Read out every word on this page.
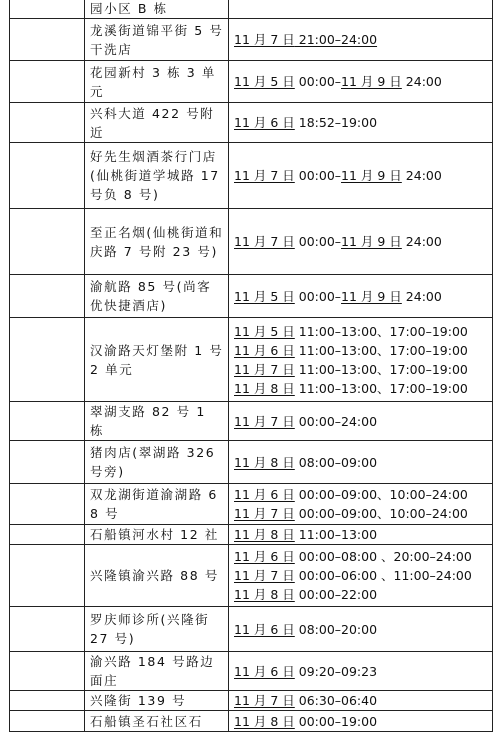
	园小区 B 栋	

	龙溪街道锦平街 5 号干洗店	11 月 7 日 21:00–24:00

	花园新村 3 栋 3 单元	11 月 5 日 00:00–11 月 9 日 24:00

	兴科大道 422 号附近	11 月 6 日 18:52–19:00

	好先生烟酒茶行门店(仙桃街道学城路 17 号负 8 号)	11 月 7 日 00:00–11 月 9 日 24:00

	至正名烟(仙桃街道和庆路 7 号附 23 号)	11 月 7 日 00:00–11 月 9 日 24:00

	渝航路 85 号(尚客优快捷酒店)	11 月 5 日 00:00–11 月 9 日 24:00

	汉渝路天灯堡附 1 号 2 单元	11 月 5 日 11:00–13:00、17:00–19:00
11 月 6 日 11:00–13:00、17:00–19:00
11 月 7 日 11:00–13:00、17:00–19:00
11 月 8 日 11:00–13:00、17:00–19:00

	翠湖支路 82 号 1 栋	11 月 7 日 00:00–24:00

	猪肉店(翠湖路 326 号旁)	11 月 8 日 08:00–09:00

	双龙湖街道渝湖路 68 号	11 月 6 日 00:00–09:00、10:00–24:00
11 月 7 日 00:00–09:00、10:00–24:00

	石船镇河水村 12 社	11 月 8 日 11:00–13:00

	兴隆镇渝兴路 88 号	11 月 6 日 00:00–08:00 、20:00–24:00
11 月 7 日 00:00–06:00 、11:00–24:00
11 月 8 日 00:00–22:00

	罗庆师诊所(兴隆街 27 号)	11 月 6 日 08:00–20:00

	渝兴路 184 号路边面庄	11 月 6 日 09:20–09:23

	兴隆街 139 号	11 月 7 日 06:30–06:40

	石船镇圣石社区石	11 月 8 日 00:00–19:00
